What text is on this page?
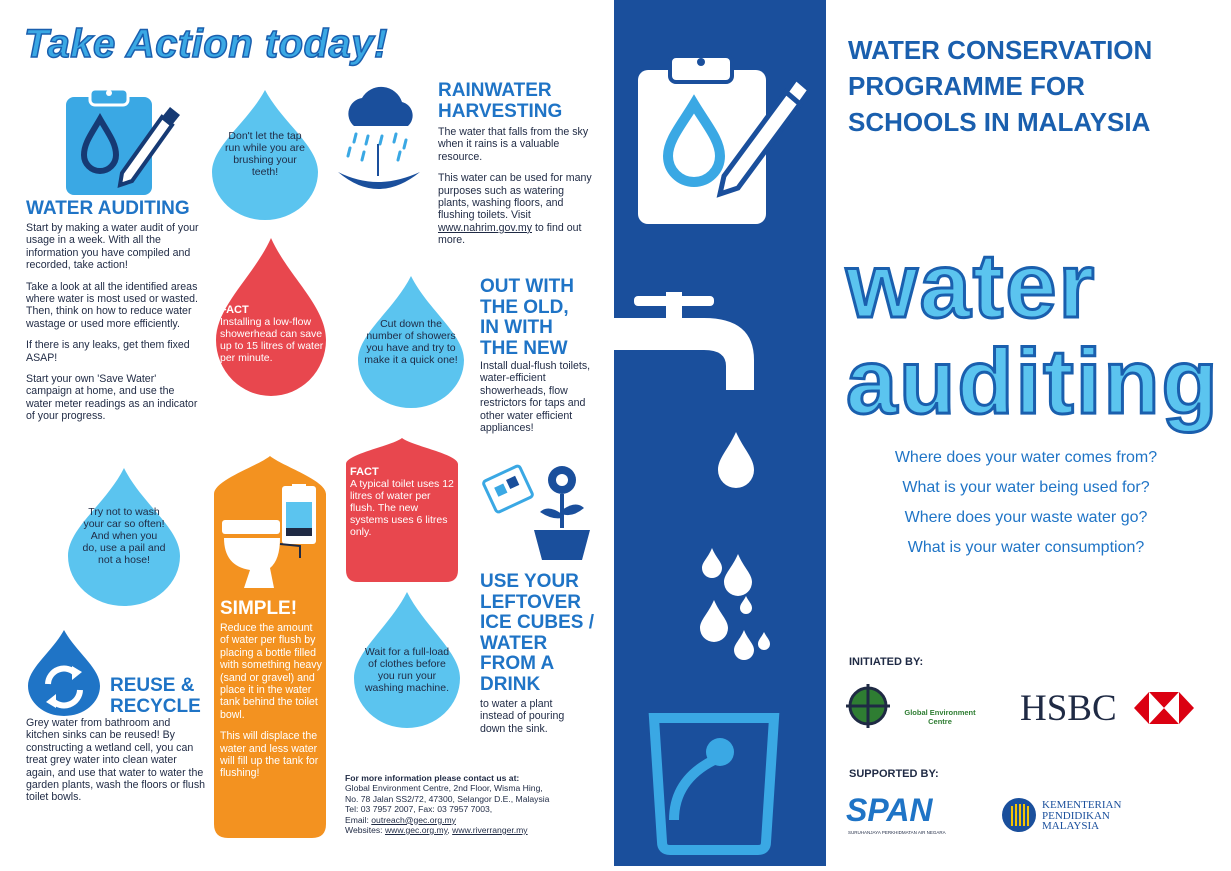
Take Action today!
WATER AUDITING

Start by making a water audit of your usage in a week. With all the information you have compiled and recorded, take action!

Take a look at all the identified areas where water is most used or wasted. Then, think on how to reduce water wastage or used more efficiently.

If there is any leaks, get them fixed ASAP!

Start your own 'Save Water' campaign at home, and use the water meter readings as an indicator of your progress.

Don't let the tap run while you are brushing your teeth!
RAINWATER HARVESTING

The water that falls from the sky when it rains is a valuable resource.

This water can be used for many purposes such as watering plants, washing floors, and flushing toilets. Visit www.nahrim.gov.my to find out more.

FACT
Installing a low-flow showerhead can save up to 15 litres of water per minute.
Cut down the number of showers you have and try to make it a quick one!
OUT WITH THE OLD, IN WITH THE NEW
Install dual-flush toilets, water-efficient showerheads, flow restrictors for taps and other water efficient appliances!
Try not to wash your car so often! And when you do, use a pail and not a hose!
SIMPLE!

Reduce the amount of water per flush by placing a bottle filled with something heavy (sand or gravel) and place it in the water tank behind the toilet bowl.

This will displace the water and less water will fill up the tank for flushing!

FACT
A typical toilet uses 12 litres of water per flush. The new systems uses 6 litres only.
USE YOUR LEFTOVER ICE CUBES / WATER FROM A DRINK
to water a plant instead of pouring down the sink.
Wait for a full-load of clothes before you run your washing machine.
REUSE & RECYCLE
Grey water from bathroom and kitchen sinks can be reused! By constructing a wetland cell, you can treat grey water into clean water again, and use that water to water the garden plants, wash the floors or flush toilet bowls.
For more information please contact us at:
Global Environment Centre, 2nd Floor, Wisma Hing,
No. 78 Jalan SS2/72, 47300, Selangor D.E., Malaysia
Tel: 03 7957 2007, Fax: 03 7957 7003,
Email: outreach@gec.org.my
Websites: www.gec.org.my, www.riverranger.my
WATER CONSERVATION PROGRAMME FOR SCHOOLS IN MALAYSIA
water
auditing
Where does your water comes from?
What is your water being used for?
Where does your waste water go?
What is your water consumption?
INITIATED BY:
Global Environment Centre	HSBC
SUPPORTED BY:
SPAN
SURUHANJAYA PERKHIDMATAN AIR NEGARA
KEMENTERIAN
PENDIDIKAN
MALAYSIA
